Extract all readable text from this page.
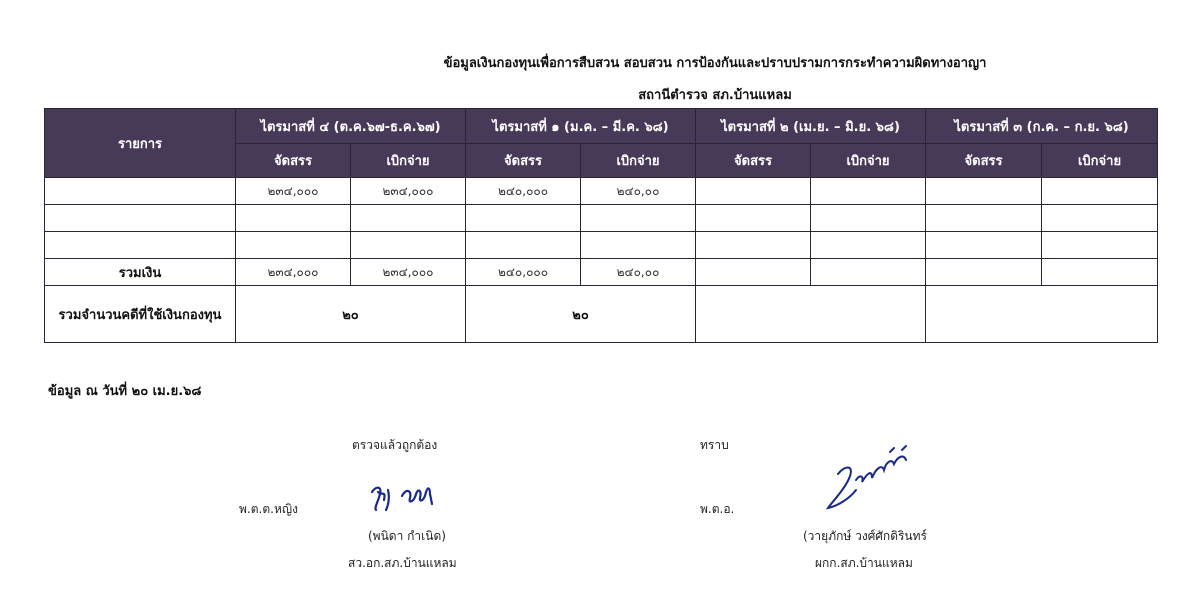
ข้อมูลเงินกองทุนเพื่อการสืบสวน สอบสวน การป้องกันและปราบปรามการกระทำความผิดทางอาญา
สถานีตำรวจ สภ.บ้านแหลม
รายการ	ไตรมาสที่ ๔ (ต.ค.๖๗-ธ.ค.๖๗)		ไตรมาสที่ ๑ (ม.ค. – มี.ค. ๖๘)		ไตรมาสที่ ๒ (เม.ย. – มิ.ย. ๖๘)		ไตรมาสที่ ๓ (ก.ค. – ก.ย. ๖๘)	
	จัดสรร	เบิกจ่าย	จัดสรร	เบิกจ่าย	จัดสรร	เบิกจ่าย	จัดสรร	เบิกจ่าย
	๒๓๔,๐๐๐	๒๓๔,๐๐๐	๒๔๐,๐๐๐	๒๔๐,๐๐				

รวมเงิน	๒๓๔,๐๐๐	๒๓๔,๐๐๐	๒๔๐,๐๐๐	๒๔๐,๐๐				
รวมจำนวนคดีที่ใช้เงินกองทุน	๒๐		๒๐					
ข้อมูล ณ วันที่ ๒๐ เม.ย.๖๘
ตรวจแล้วถูกต้อง
พ.ต.ต.หญิง
(พนิดา กำเนิด)
สว.อก.สภ.บ้านแหลม
ทราบ
พ.ต.อ.
(วายุภักษ์ วงศ์ศักดิรินทร์
ผกก.สภ.บ้านแหลม
